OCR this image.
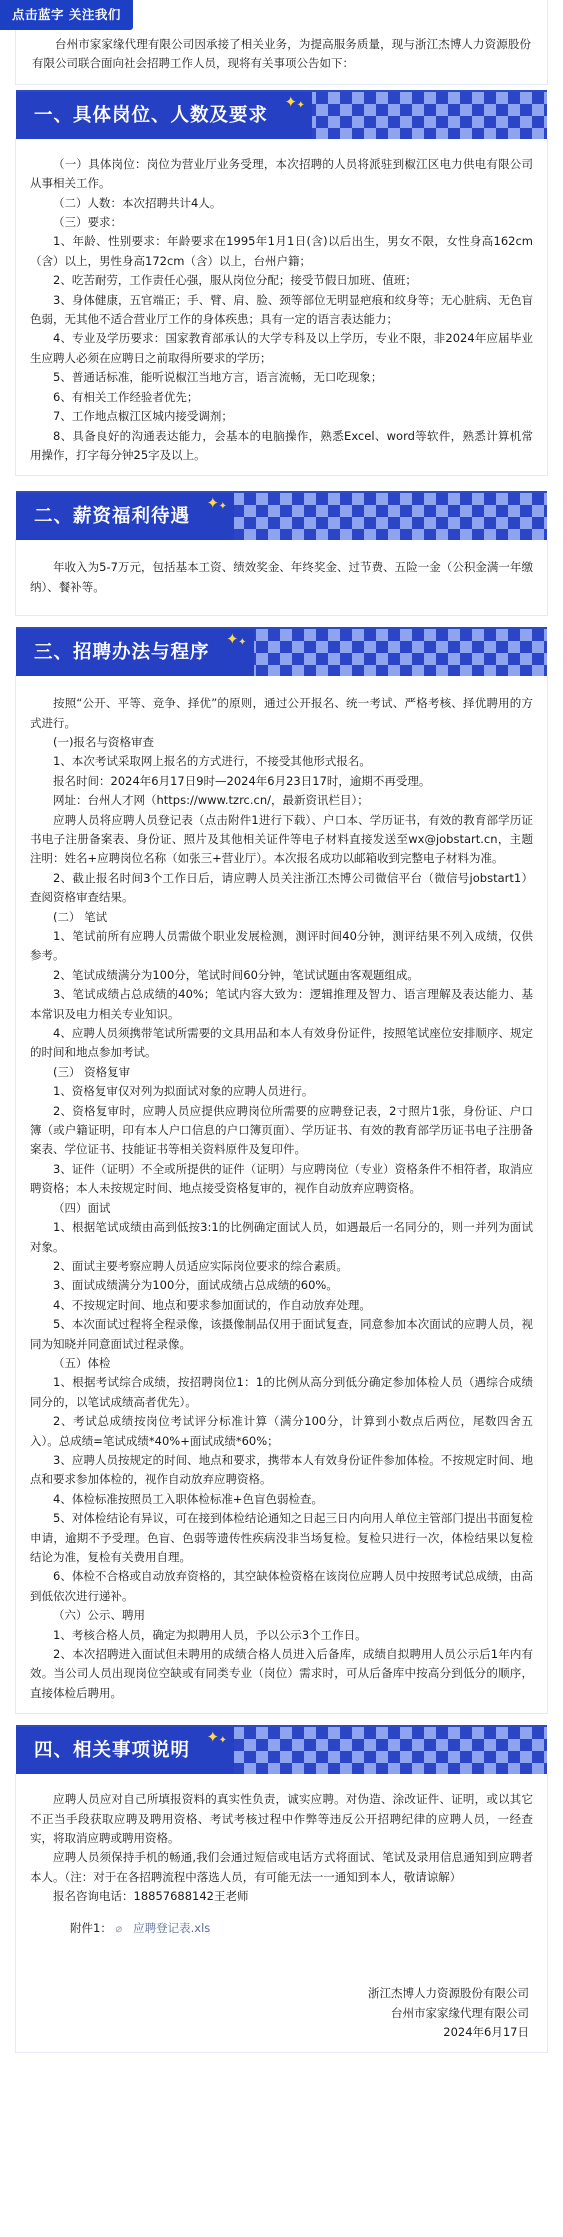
点击蓝字 关注我们

台州市家家缘代理有限公司因承接了相关业务，为提高服务质量，现与浙江杰博人力资源股份有限公司联合面向社会招聘工作人员，现将有关事项公告如下：

一、具体岗位、人数及要求
✦
✦

（一）具体岗位：岗位为营业厅业务受理，本次招聘的人员将派驻到椒江区电力供电有限公司从事相关工作。

（二）人数：本次招聘共计4人。

（三）要求：

1、年龄、性别要求：年龄要求在1995年1月1日(含)以后出生，男女不限，女性身高162cm（含）以上，男性身高172cm（含）以上，台州户籍；

2、吃苦耐劳，工作责任心强，服从岗位分配；接受节假日加班、值班；

3、身体健康，五官端正；手、臂、肩、脸、颈等部位无明显疤痕和纹身等；无心脏病、无色盲色弱，无其他不适合营业厅工作的身体疾患；具有一定的语言表达能力；

4、专业及学历要求：国家教育部承认的大学专科及以上学历，专业不限，非2024年应届毕业生应聘人必须在应聘日之前取得所要求的学历；

5、普通话标准，能听说椒江当地方言，语言流畅，无口吃现象；

6、有相关工作经验者优先；

7、工作地点椒江区城内接受调剂；

8、具备良好的沟通表达能力，会基本的电脑操作，熟悉Excel、word等软件，熟悉计算机常用操作，打字每分钟25字及以上。

二、薪资福利待遇
✦
✦

年收入为5-7万元，包括基本工资、绩效奖金、年终奖金、过节费、五险一金（公积金满一年缴纳）、餐补等。

三、招聘办法与程序
✦
✦

按照“公开、平等、竞争、择优”的原则，通过公开报名、统一考试、严格考核、择优聘用的方式进行。

(一)报名与资格审查

1、本次考试采取网上报名的方式进行，不接受其他形式报名。

报名时间：2024年6月17日9时—2024年6月23日17时，逾期不再受理。

网址：台州人才网（https://www.tzrc.cn/，最新资讯栏目）；

应聘人员将应聘人员登记表（点击附件1进行下载）、户口本、学历证书，有效的教育部学历证书电子注册备案表、身份证、照片及其他相关证件等电子材料直接发送至wx@jobstart.cn，主题注明：姓名+应聘岗位名称（如张三+营业厅）。本次报名成功以邮箱收到完整电子材料为准。

2、截止报名时间3个工作日后，请应聘人员关注浙江杰博公司微信平台（微信号jobstart1）查阅资格审查结果。

(二） 笔试

1、笔试前所有应聘人员需做个职业发展检测，测评时间40分钟，测评结果不列入成绩，仅供参考。

2、笔试成绩满分为100分，笔试时间60分钟，笔试试题由客观题组成。

3、笔试成绩占总成绩的40%；笔试内容大致为：逻辑推理及智力、语言理解及表达能力、基本常识及电力相关专业知识。

4、应聘人员须携带笔试所需要的文具用品和本人有效身份证件，按照笔试座位安排顺序、规定的时间和地点参加考试。

(三） 资格复审

1、资格复审仅对列为拟面试对象的应聘人员进行。

2、资格复审时，应聘人员应提供应聘岗位所需要的应聘登记表，2寸照片1张，身份证、户口簿（或户籍证明，印有本人户口信息的户口簿页面）、学历证书、有效的教育部学历证书电子注册备案表、学位证书、技能证书等相关资料原件及复印件。

3、证件（证明）不全或所提供的证件（证明）与应聘岗位（专业）资格条件不相符者，取消应聘资格；本人未按规定时间、地点接受资格复审的，视作自动放弃应聘资格。

（四）面试

1、根据笔试成绩由高到低按3:1的比例确定面试人员，如遇最后一名同分的，则一并列为面试对象。

2、面试主要考察应聘人员适应实际岗位要求的综合素质。

3、面试成绩满分为100分，面试成绩占总成绩的60%。

4、不按规定时间、地点和要求参加面试的，作自动放弃处理。

5、本次面试过程将全程录像，该摄像制品仅用于面试复查，同意参加本次面试的应聘人员，视同为知晓并同意面试过程录像。

（五）体检

1、根据考试综合成绩，按招聘岗位1：1的比例从高分到低分确定参加体检人员（遇综合成绩同分的，以笔试成绩高者优先）。

2、考试总成绩按岗位考试评分标准计算（满分100分，计算到小数点后两位，尾数四舍五入）。总成绩=笔试成绩*40%+面试成绩*60%；

3、应聘人员按规定的时间、地点和要求，携带本人有效身份证件参加体检。不按规定时间、地点和要求参加体检的，视作自动放弃应聘资格。

4、体检标准按照员工入职体检标准+色盲色弱检查。

5、对体检结论有异议，可在接到体检结论通知之日起三日内向用人单位主管部门提出书面复检申请，逾期不予受理。色盲、色弱等遗传性疾病没非当场复检。复检只进行一次，体检结果以复检结论为准，复检有关费用自理。

6、体检不合格或自动放弃资格的，其空缺体检资格在该岗位应聘人员中按照考试总成绩，由高到低依次进行递补。

（六）公示、聘用

1、考核合格人员，确定为拟聘用人员，予以公示3个工作日。

2、本次招聘进入面试但未聘用的成绩合格人员进入后备库，成绩自拟聘用人员公示后1年内有效。当公司人员出现岗位空缺或有同类专业（岗位）需求时，可从后备库中按高分到低分的顺序，直接体检后聘用。

四、相关事项说明
✦
✦

应聘人员应对自己所填报资料的真实性负责，诚实应聘。对伪造、涂改证件、证明，或以其它不正当手段获取应聘及聘用资格、考试考核过程中作弊等违反公开招聘纪律的应聘人员，一经查实，将取消应聘或聘用资格。

应聘人员须保持手机的畅通,我们会通过短信或电话方式将面试、笔试及录用信息通知到应聘者本人。（注：对于在各招聘流程中落选人员，有可能无法一一通知到本人，敬请谅解）

报名咨询电话：18857688142王老师

附件1： ⌀ 应聘登记表.xls

浙江杰博人力资源股份有限公司

台州市家家缘代理有限公司

2024年6月17日
